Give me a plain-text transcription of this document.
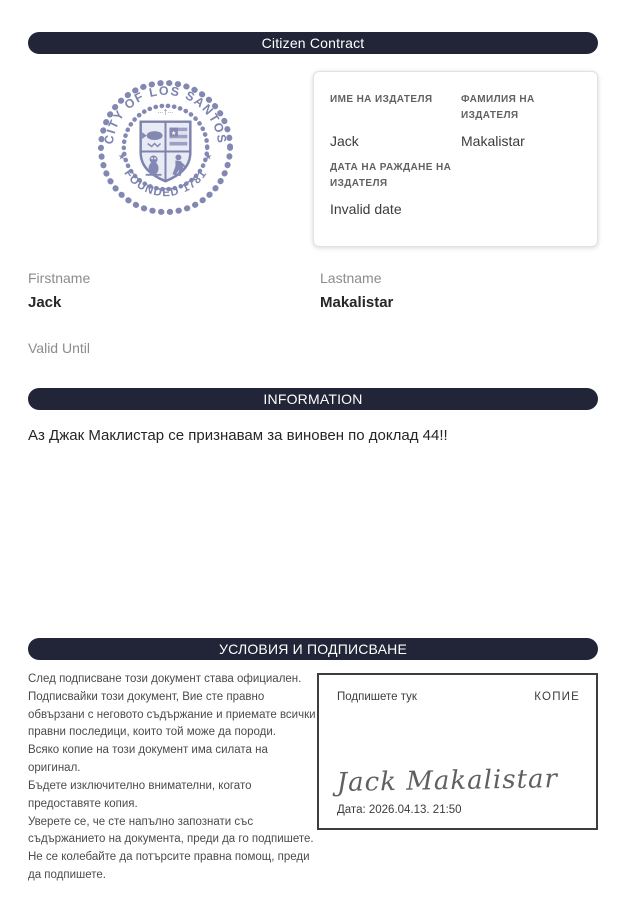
Citizen Contract
CITY OF LOS SANTOS
FOUNDED 1781
★	★
∙∙∙†∙∙∙
★
ИМЕ НА ИЗДАТЕЛЯ	ФАМИЛИЯ НА ИЗДАТЕЛЯ
Jack	Makalistar
ДАТА НА РАЖДАНЕ НА ИЗДАТЕЛЯ
Invalid date
Firstname
Jack
Lastname
Makalistar
Valid Until
INFORMATION
Аз Джак Маклистар се признавам за виновен по доклад 44!!
УСЛОВИЯ И ПОДПИСВАНЕ

След подписване този документ става официален.

Подписвайки този документ, Вие сте правно обвързани с неговото съдържание и приемате всички правни последици, които той може да породи.

Всяко копие на този документ има силата на оригинал.

Бъдете изключително внимателни, когато предоставяте копия.

Уверете се, че сте напълно запознати със съдържанието на документа, преди да го подпишете.

Не се колебайте да потърсите правна помощ, преди да подпишете.

Подпишете тук	КОПИЕ
Jack Makalistar
Дата: 2026.04.13. 21:50
